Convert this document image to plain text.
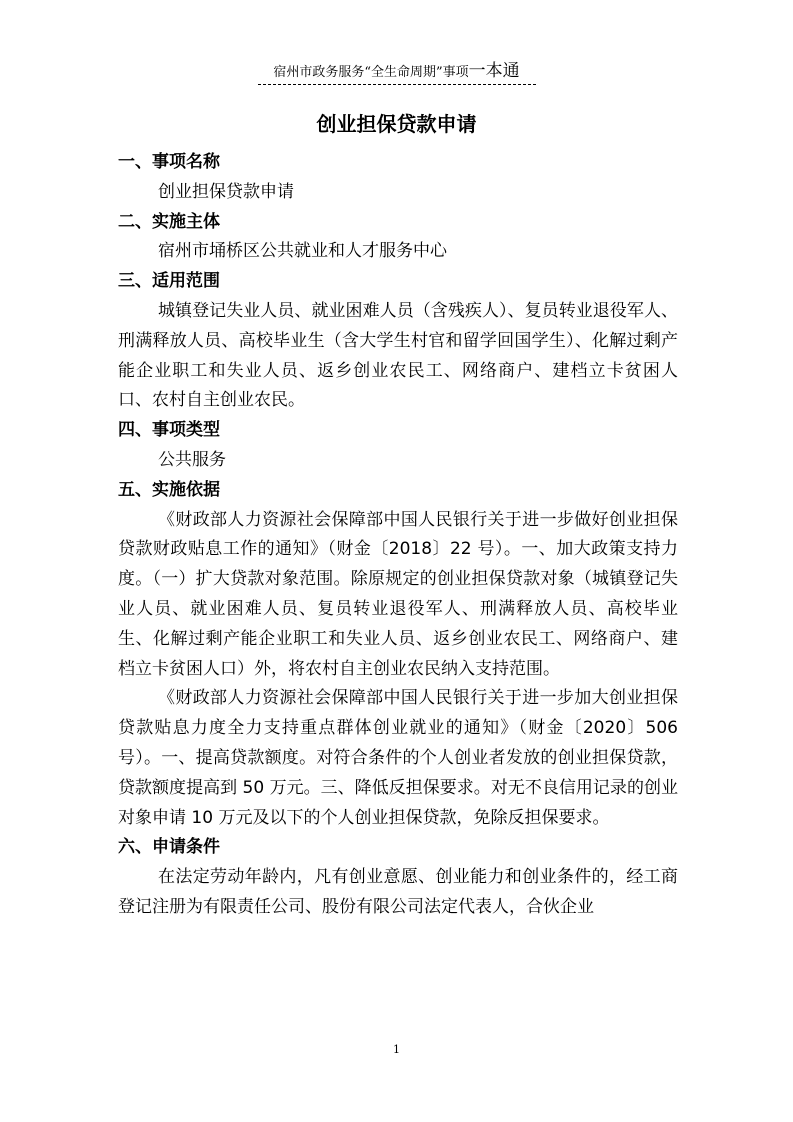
宿州市政务服务“全生命周期”事项一本通
创业担保贷款申请
一、事项名称

创业担保贷款申请

二、实施主体

宿州市埇桥区公共就业和人才服务中心

三、适用范围

城镇登记失业人员、就业困难人员（含残疾人）、复员转业退役军人、刑满释放人员、高校毕业生（含大学生村官和留学回国学生）、化解过剩产能企业职工和失业人员、返乡创业农民工、网络商户、建档立卡贫困人口、农村自主创业农民。

四、事项类型

公共服务

五、实施依据

《财政部人力资源社会保障部中国人民银行关于进一步做好创业担保贷款财政贴息工作的通知》（财金〔2018〕22 号）。一、加大政策支持力度。（一）扩大贷款对象范围。除原规定的创业担保贷款对象（城镇登记失业人员、就业困难人员、复员转业退役军人、刑满释放人员、高校毕业生、化解过剩产能企业职工和失业人员、返乡创业农民工、网络商户、建档立卡贫困人口）外，将农村自主创业农民纳入支持范围。

《财政部人力资源社会保障部中国人民银行关于进一步加大创业担保贷款贴息力度全力支持重点群体创业就业的通知》（财金〔2020〕506 号）。一、提高贷款额度。对符合条件的个人创业者发放的创业担保贷款，贷款额度提高到 50 万元。三、降低反担保要求。对无不良信用记录的创业对象申请 10 万元及以下的个人创业担保贷款，免除反担保要求。

六、申请条件

在法定劳动年龄内，凡有创业意愿、创业能力和创业条件的，经工商登记注册为有限责任公司、股份有限公司法定代表人，合伙企业

1
